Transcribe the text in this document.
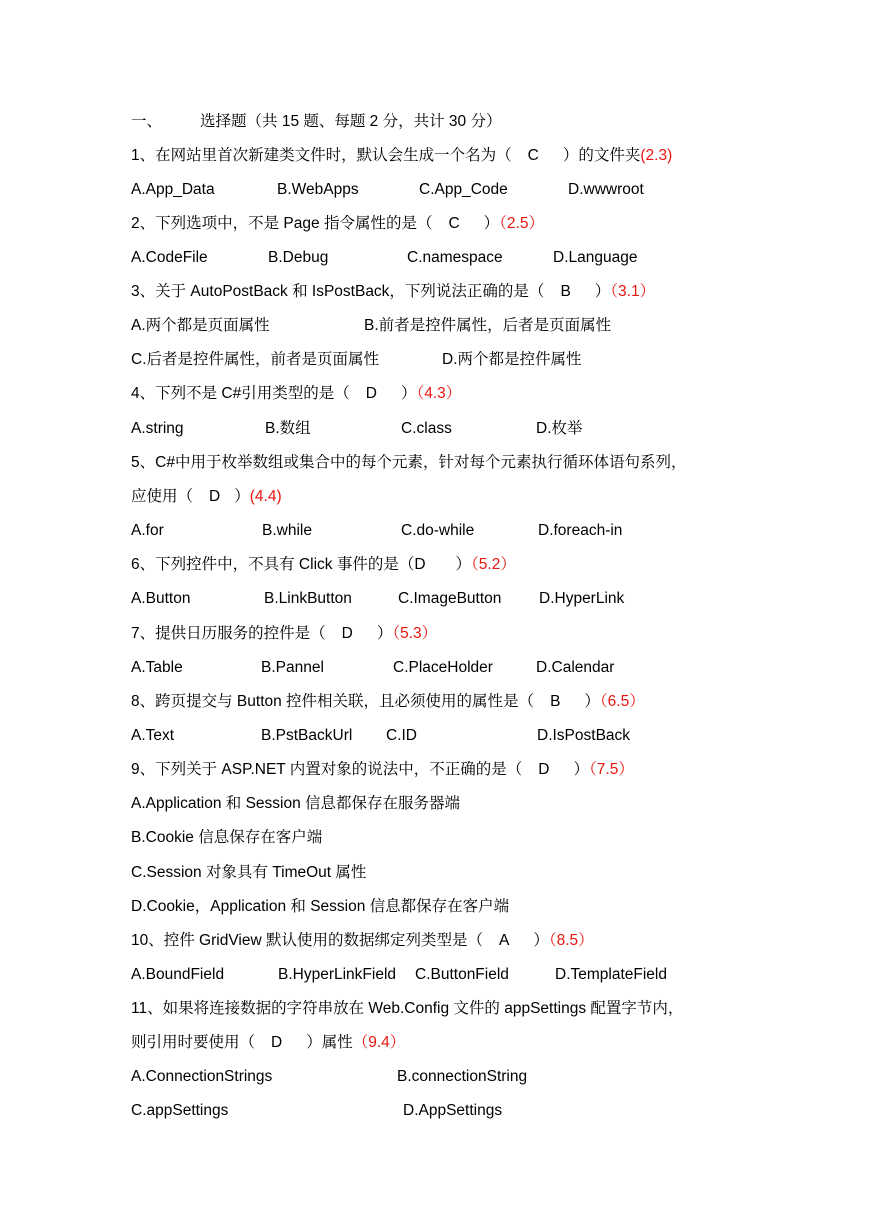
一、 选择题（共 15 题、每题 2 分，共计 30 分）
1、在网站里首次新建类文件时，默认会生成一个名为（ C ）的文件夹(2.3)
A.App_Data	B.WebApps	C.App_Code	D.wwwroot
2、下列选项中，不是 Page 指令属性的是（ C ）（2.5）
A.CodeFile	B.Debug	C.namespace	D.Language
3、关于 AutoPostBack 和 IsPostBack，下列说法正确的是（ B ）（3.1）
A.两个都是页面属性	B.前者是控件属性，后者是页面属性
C.后者是控件属性，前者是页面属性	D.两个都是控件属性
4、下列不是 C#引用类型的是（ D ）（4.3）
A.string	B.数组	C.class	D.枚举
5、C#中用于枚举数组或集合中的每个元素，针对每个元素执行循环体语句系列，
应使用（ D ）(4.4)
A.for	B.while	C.do-while	D.foreach-in
6、下列控件中，不具有 Click 事件的是（D ）（5.2）
A.Button	B.LinkButton	C.ImageButton D.HyperLink
7、提供日历服务的控件是（ D ）（5.3）
A.Table	B.Pannel	C.PlaceHolder	D.Calendar
8、跨页提交与 Button 控件相关联，且必须使用的属性是（ B ）（6.5）
A.Text	B.PstBackUrl C.ID	D.IsPostBack
9、下列关于 ASP.NET 内置对象的说法中，不正确的是（ D ）（7.5）
A.Application 和 Session 信息都保存在服务器端
B.Cookie 信息保存在客户端
C.Session 对象具有 TimeOut 属性
D.Cookie，Application 和 Session 信息都保存在客户端
10、控件 GridView 默认使用的数据绑定列类型是（ A ）（8.5）
A.BoundField	B.HyperLinkField C.ButtonField	D.TemplateField
11、如果将连接数据的字符串放在 Web.Config 文件的 appSettings 配置字节内，
则引用时要使用（ D ）属性（9.4）
A.ConnectionStrings	B.connectionString
C.appSettings	D.AppSettings
